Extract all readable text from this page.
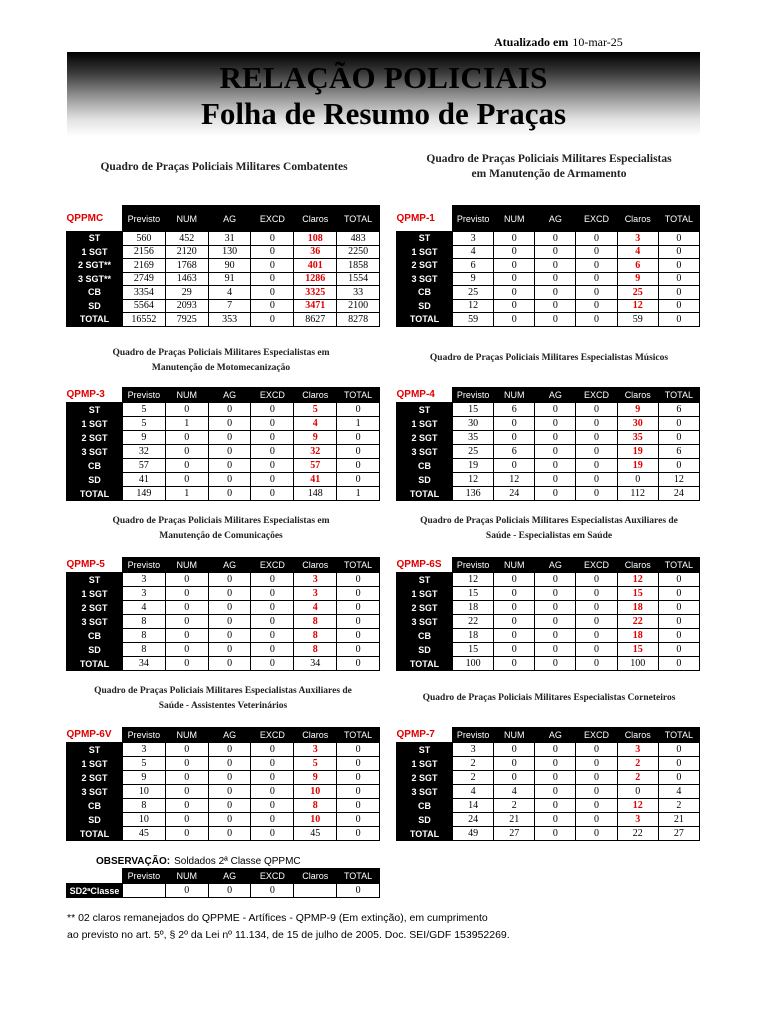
Atualizado em 10-mar-25
RELAÇÃO POLICIAIS
Folha de Resumo de Praças
Quadro de Praças Policiais Militares Combatentes
QPPMC	Previsto	NUM	AG	EXCD	Claros	TOTAL
ST	560	452	31	0	108	483
1 SGT	2156	2120	130	0	36	2250
2 SGT**	2169	1768	90	0	401	1858
3 SGT**	2749	1463	91	0	1286	1554
CB	3354	29	4	0	3325	33
SD	5564	2093	7	0	3471	2100
TOTAL	16552	7925	353	0	8627	8278
Quadro de Praças Policiais Militares Especialistas
em Manutenção de Armamento
QPMP-1	Previsto	NUM	AG	EXCD	Claros	TOTAL
ST	3	0	0	0	3	0
1 SGT	4	0	0	0	4	0
2 SGT	6	0	0	0	6	0
3 SGT	9	0	0	0	9	0
CB	25	0	0	0	25	0
SD	12	0	0	0	12	0
TOTAL	59	0	0	0	59	0
Quadro de Praças Policiais Militares Especialistas em
Manutenção de Motomecanização
QPMP-3	Previsto	NUM	AG	EXCD	Claros	TOTAL
ST	5	0	0	0	5	0
1 SGT	5	1	0	0	4	1
2 SGT	9	0	0	0	9	0
3 SGT	32	0	0	0	32	0
CB	57	0	0	0	57	0
SD	41	0	0	0	41	0
TOTAL	149	1	0	0	148	1
Quadro de Praças Policiais Militares Especialistas Músicos
QPMP-4	Previsto	NUM	AG	EXCD	Claros	TOTAL
ST	15	6	0	0	9	6
1 SGT	30	0	0	0	30	0
2 SGT	35	0	0	0	35	0
3 SGT	25	6	0	0	19	6
CB	19	0	0	0	19	0
SD	12	12	0	0	0	12
TOTAL	136	24	0	0	112	24
Quadro de Praças Policiais Militares Especialistas em
Manutenção de Comunicações
QPMP-5	Previsto	NUM	AG	EXCD	Claros	TOTAL
ST	3	0	0	0	3	0
1 SGT	3	0	0	0	3	0
2 SGT	4	0	0	0	4	0
3 SGT	8	0	0	0	8	0
CB	8	0	0	0	8	0
SD	8	0	0	0	8	0
TOTAL	34	0	0	0	34	0
Quadro de Praças Policiais Militares Especialistas Auxiliares de
Saúde - Especialistas em Saúde
QPMP-6S	Previsto	NUM	AG	EXCD	Claros	TOTAL
ST	12	0	0	0	12	0
1 SGT	15	0	0	0	15	0
2 SGT	18	0	0	0	18	0
3 SGT	22	0	0	0	22	0
CB	18	0	0	0	18	0
SD	15	0	0	0	15	0
TOTAL	100	0	0	0	100	0
Quadro de Praças Policiais Militares Especialistas Auxiliares de
Saúde - Assistentes Veterinários
QPMP-6V	Previsto	NUM	AG	EXCD	Claros	TOTAL
ST	3	0	0	0	3	0
1 SGT	5	0	0	0	5	0
2 SGT	9	0	0	0	9	0
3 SGT	10	0	0	0	10	0
CB	8	0	0	0	8	0
SD	10	0	0	0	10	0
TOTAL	45	0	0	0	45	0
Quadro de Praças Policiais Militares Especialistas Corneteiros
QPMP-7	Previsto	NUM	AG	EXCD	Claros	TOTAL
ST	3	0	0	0	3	0
1 SGT	2	0	0	0	2	0
2 SGT	2	0	0	0	2	0
3 SGT	4	4	0	0	0	4
CB	14	2	0	0	12	2
SD	24	21	0	0	3	21
TOTAL	49	27	0	0	22	27
OBSERVAÇÃO: Soldados 2ª Classe QPPMC
	Previsto	NUM	AG	EXCD	Claros	TOTAL
SD2ªClasse		0	0	0		0
** 02 claros remanejados do QPPME - Artífices - QPMP-9 (Em extinção), em cumprimento
ao previsto no art. 5º, § 2º da Lei nº 11.134, de 15 de julho de 2005. Doc. SEI/GDF 153952269.
